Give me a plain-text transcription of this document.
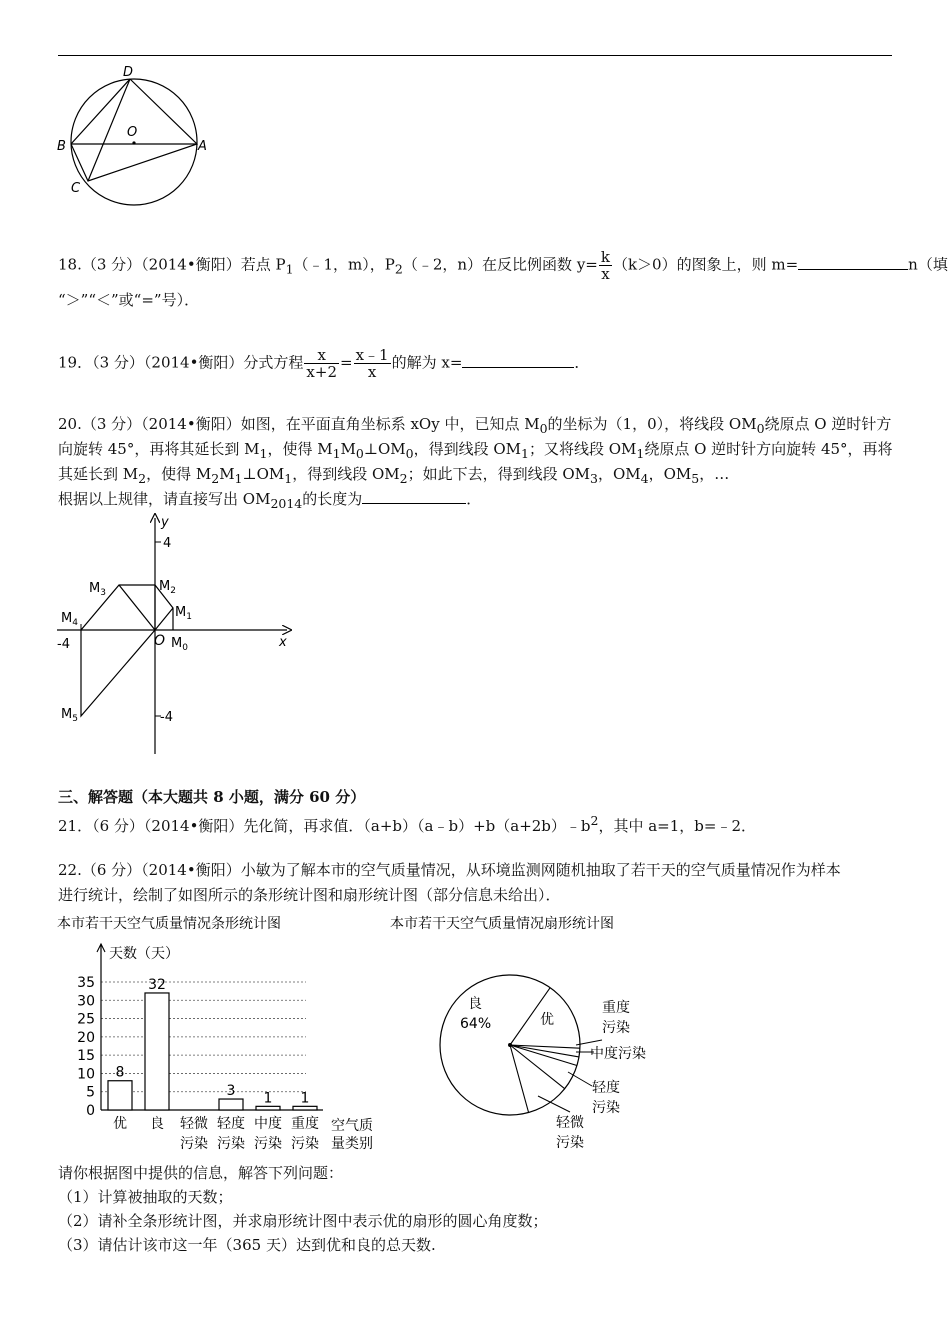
D
O
B	A
C
18.（3 分）（2014•衡阳）若点 $P_1(﹣1$，m），$P_2(﹣2$，n）在反比例函数 $y= \frac{k}{x} (k>0)$的图象上，则 m=	n（填
“＞”“＜”或“=”号）．
19．（3 分）（2014•衡阳）分式方程 $\frac{x}{x+2} = \frac{x﹣1}{x}$ 的解为 x=	．
20.（3 分）（2014•衡阳）如图，在平面直角坐标系 xOy 中，已知点 $M_0$的坐标为（1，0），将线段 $OM_0$绕原点 O 逆时针方
向旋转 45°，再将其延长到 $M_1$，使得 $M_1M_0\perp OM_0$，得到线段 $OM_1$；又将线段 $OM_1$绕原点 O 逆时针方向旋转 45°，再将
其延长到 $M_2$，使得 $M_2M_1\perp OM_1$，得到线段 $OM_2$；如此下去，得到线段 $OM_3$，$OM_4$，$OM_5$，…
根据以上规律，请直接写出 $OM_{2014}$的长度为	．
y
x
O
4
-4
-4	$M_0$
$M_1$
$M_2$
$M_3$
$M_4$
$M_5$
三、解答题（本大题共 8 小题，满分 60 分）
21．（6 分）（2014•衡阳）先化简，再求值．$(a+b)(a﹣b)+b(a+2b)﹣b^2$，其中 a=1，b=﹣2．
22.（6 分）（2014•衡阳）小敏为了解本市的空气质量情况，从环境监测网随机抽取了若干天的空气质量情况作为样本
进行统计，绘制了如图所示的条形统计图和扇形统计图（部分信息未给出）．
本市若干天空气质量情况条形统计图
天数（天）
空气质
量类别
0
5
10
15
20
25
30
35
8
32
3 1 1
优 良 轻微
污染
轻度
污染
中度
污染
重度
污染
本市若干天空气质量情况扇形统计图
良
64%	优
重度
污染
中度污染
轻度
污染
轻微
污染
请你根据图中提供的信息，解答下列问题：
（1）计算被抽取的天数；
（2）请补全条形统计图，并求扇形统计图中表示优的扇形的圆心角度数；
（3）请估计该市这一年（365 天）达到优和良的总天数.
